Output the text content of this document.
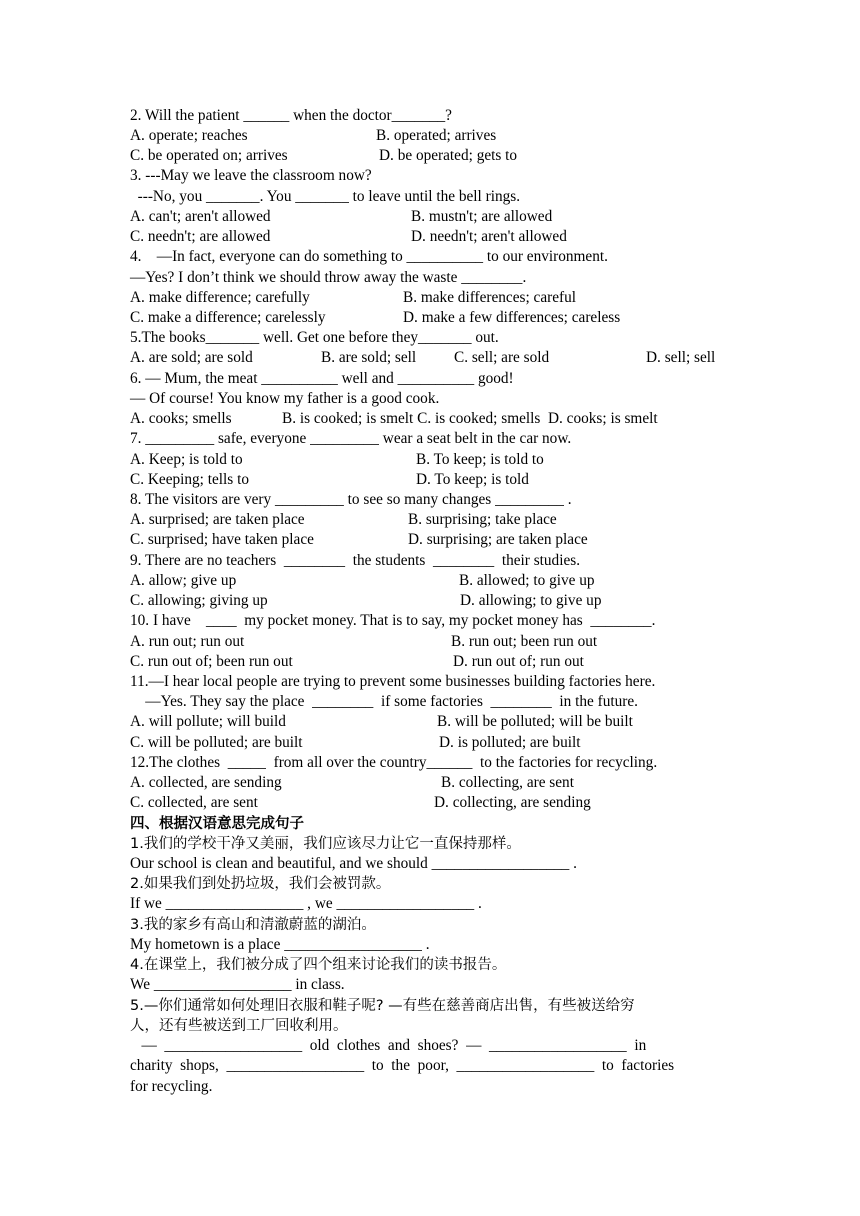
2. Will the patient ______ when the doctor_______?
A. operate; reaches	B. operated; arrives
C. be operated on; arrives	D. be operated; gets to
3. ---May we leave the classroom now?
---No, you _______. You _______ to leave until the bell rings.
A. can't; aren't allowed	B. mustn't; are allowed
C. needn't; are allowed	D. needn't; aren't allowed
4.    —In fact, everyone can do something to __________ to our environment.
—Yes? I don’t think we should throw away the waste ________.
A. make difference; carefully	B. make differences; careful
C. make a difference; carelessly	D. make a few differences; careless
5.The books_______ well. Get one before they_______ out.
A. are sold; are sold	B. are sold; sell C. sell; are sold	D. sell; sell
6. — Mum, the meat __________ well and __________ good!
— Of course! You know my father is a good cook.
A. cooks; smells	B. is cooked; is smelt C. is cooked; smells  D. cooks; is smelt
7. _________ safe, everyone _________ wear a seat belt in the car now.
A. Keep; is told to	B. To keep; is told to
C. Keeping; tells to	D. To keep; is told
8. The visitors are very _________ to see so many changes _________ .
A. surprised; are taken place	B. surprising; take place
C. surprised; have taken place	D. surprising; are taken place
9. There are no teachers  ________  the students  ________  their studies.
A. allow; give up	B. allowed; to give up
C. allowing; giving up	D. allowing; to give up
10. I have    ____  my pocket money. That is to say, my pocket money has  ________.
A. run out; run out	B. run out; been run out
C. run out of; been run out	D. run out of; run out
11.—I hear local people are trying to prevent some businesses building factories here.
—Yes. They say the place  ________  if some factories  ________  in the future.
A. will pollute; will build	B. will be polluted; will be built
C. will be polluted; are built	D. is polluted; are built
12.The clothes  _____  from all over the country______  to the factories for recycling.
A. collected, are sending	B. collecting, are sent
C. collected, are sent	D. collecting, are sending
四、根据汉语意思完成句子
1.我们的学校干净又美丽，我们应该尽力让它一直保持那样。
Our school is clean and beautiful, and we should __________________ .
2.如果我们到处扔垃圾，我们会被罚款。
If we __________________ , we __________________ .
3.我的家乡有高山和清澈蔚蓝的湖泊。
My hometown is a place __________________ .
4.在课堂上，我们被分成了四个组来讨论我们的读书报告。
We __________________ in class.
5.—你们通常如何处理旧衣服和鞋子呢? —有些在慈善商店出售，有些被送给穷
人，还有些被送到工厂回收利用。
—  __________________  old  clothes  and  shoes?  —  __________________  in
charity  shops,  __________________  to  the  poor,  __________________  to  factories
for recycling.
